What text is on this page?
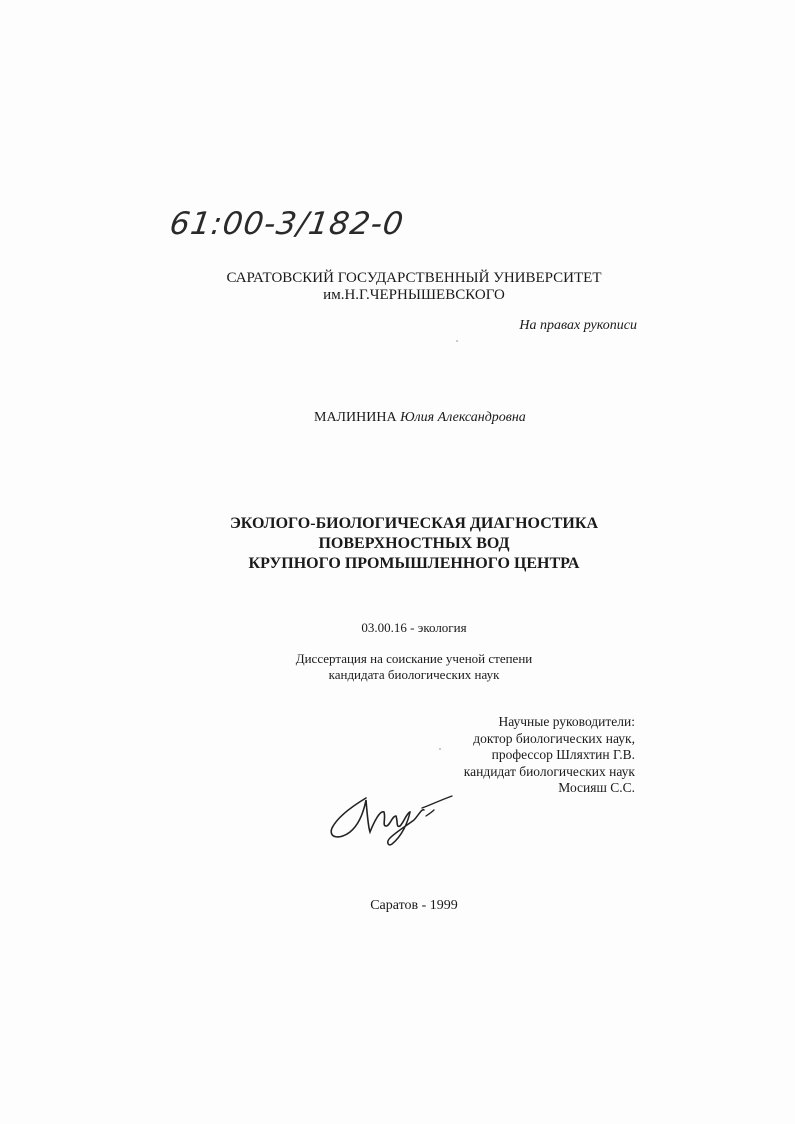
61:00-3/182-0
САРАТОВСКИЙ ГОСУДАРСТВЕННЫЙ УНИВЕРСИТЕТ
им.Н.Г.ЧЕРНЫШЕВСКОГО
На правах рукописи
МАЛИНИНА Юлия Александровна
ЭКОЛОГО-БИОЛОГИЧЕСКАЯ ДИАГНОСТИКА
ПОВЕРХНОСТНЫХ ВОД
КРУПНОГО ПРОМЫШЛЕННОГО ЦЕНТРА
03.00.16 - экология
Диссертация на соискание ученой степени
кандидата биологических наук
Научные руководители:
доктор биологических наук,
профессор Шляхтин Г.В.
кандидат биологических наук
Мосияш С.С.
Саратов - 1999
